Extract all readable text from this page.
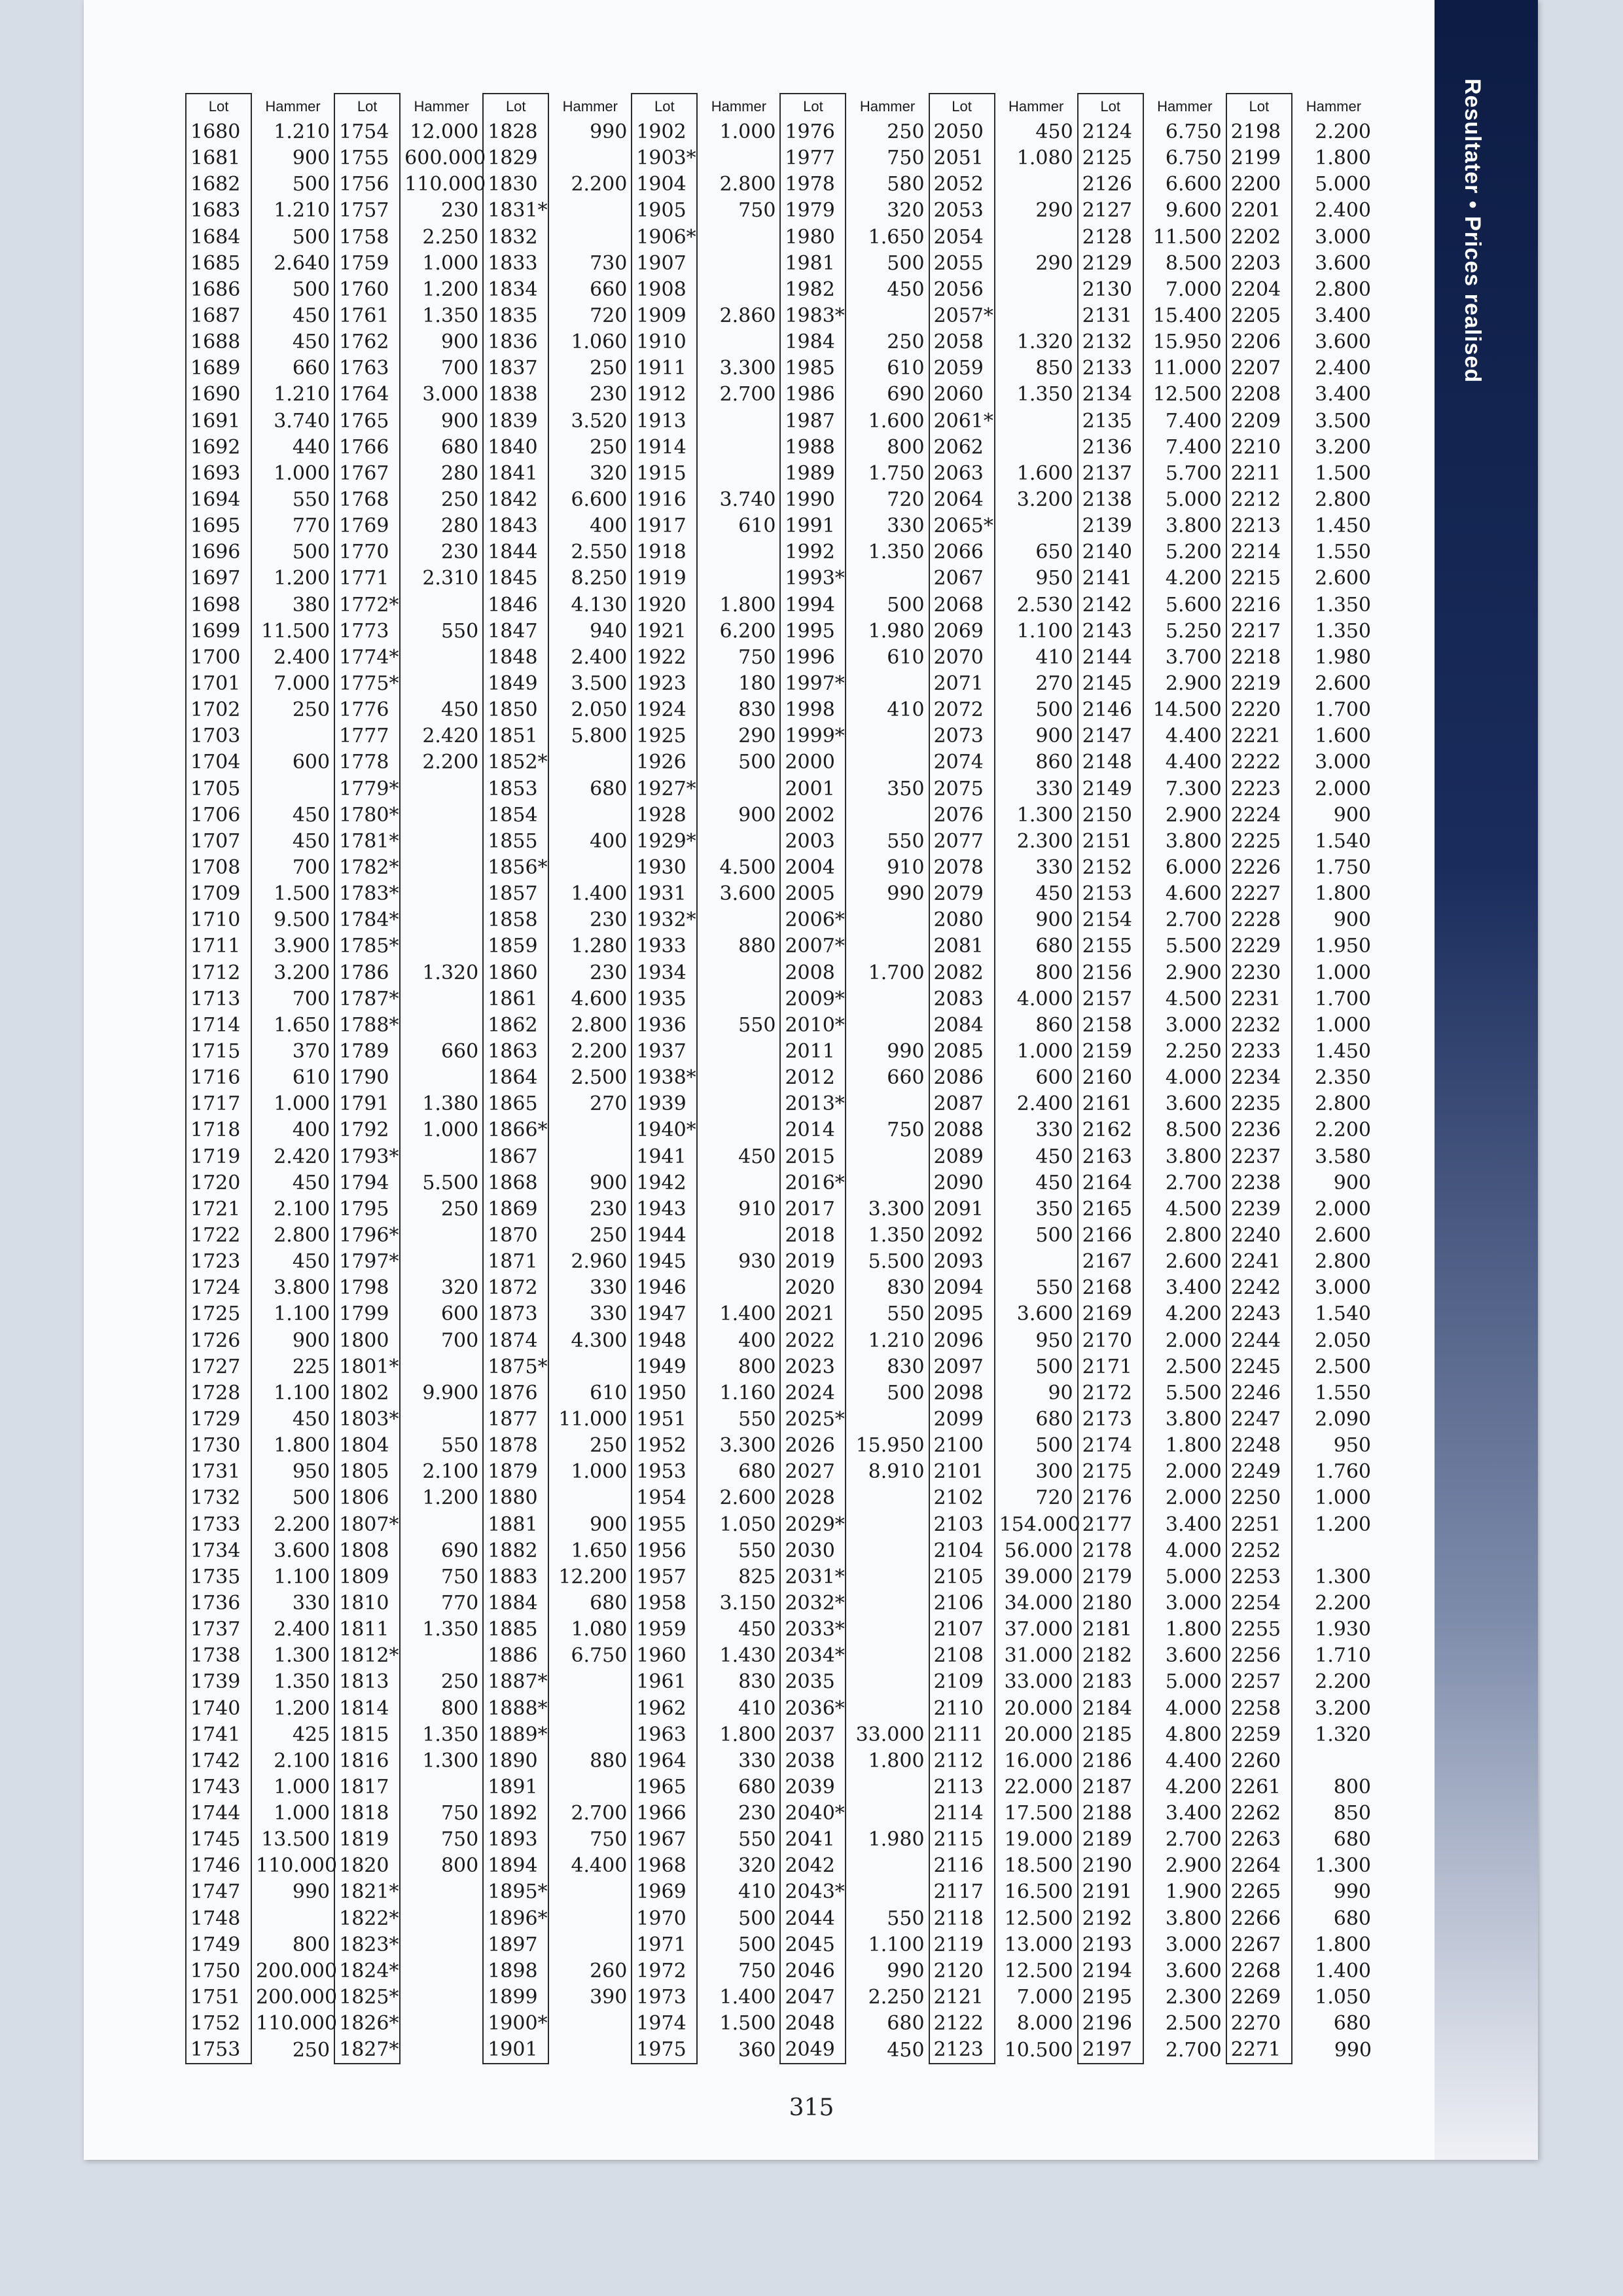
Resultater • Prices realised
Lot	Hammer	Lot	Hammer	Lot	Hammer	Lot	Hammer	Lot	Hammer	Lot	Hammer	Lot	Hammer	Lot	Hammer
1680	1.210	1754	12.000	1828	990	1902	1.000	1976	250	2050	450	2124	6.750	2198	2.200
1681	900	1755	600.000	1829		1903*		1977	750	2051	1.080	2125	6.750	2199	1.800
1682	500	1756	110.000	1830	2.200	1904	2.800	1978	580	2052		2126	6.600	2200	5.000
1683	1.210	1757	230	1831*		1905	750	1979	320	2053	290	2127	9.600	2201	2.400
1684	500	1758	2.250	1832		1906*		1980	1.650	2054		2128	11.500	2202	3.000
1685	2.640	1759	1.000	1833	730	1907		1981	500	2055	290	2129	8.500	2203	3.600
1686	500	1760	1.200	1834	660	1908		1982	450	2056		2130	7.000	2204	2.800
1687	450	1761	1.350	1835	720	1909	2.860	1983*		2057*		2131	15.400	2205	3.400
1688	450	1762	900	1836	1.060	1910		1984	250	2058	1.320	2132	15.950	2206	3.600
1689	660	1763	700	1837	250	1911	3.300	1985	610	2059	850	2133	11.000	2207	2.400
1690	1.210	1764	3.000	1838	230	1912	2.700	1986	690	2060	1.350	2134	12.500	2208	3.400
1691	3.740	1765	900	1839	3.520	1913		1987	1.600	2061*		2135	7.400	2209	3.500
1692	440	1766	680	1840	250	1914		1988	800	2062		2136	7.400	2210	3.200
1693	1.000	1767	280	1841	320	1915		1989	1.750	2063	1.600	2137	5.700	2211	1.500
1694	550	1768	250	1842	6.600	1916	3.740	1990	720	2064	3.200	2138	5.000	2212	2.800
1695	770	1769	280	1843	400	1917	610	1991	330	2065*		2139	3.800	2213	1.450
1696	500	1770	230	1844	2.550	1918		1992	1.350	2066	650	2140	5.200	2214	1.550
1697	1.200	1771	2.310	1845	8.250	1919		1993*		2067	950	2141	4.200	2215	2.600
1698	380	1772*		1846	4.130	1920	1.800	1994	500	2068	2.530	2142	5.600	2216	1.350
1699	11.500	1773	550	1847	940	1921	6.200	1995	1.980	2069	1.100	2143	5.250	2217	1.350
1700	2.400	1774*		1848	2.400	1922	750	1996	610	2070	410	2144	3.700	2218	1.980
1701	7.000	1775*		1849	3.500	1923	180	1997*		2071	270	2145	2.900	2219	2.600
1702	250	1776	450	1850	2.050	1924	830	1998	410	2072	500	2146	14.500	2220	1.700
1703		1777	2.420	1851	5.800	1925	290	1999*		2073	900	2147	4.400	2221	1.600
1704	600	1778	2.200	1852*		1926	500	2000		2074	860	2148	4.400	2222	3.000
1705		1779*		1853	680	1927*		2001	350	2075	330	2149	7.300	2223	2.000
1706	450	1780*		1854		1928	900	2002		2076	1.300	2150	2.900	2224	900
1707	450	1781*		1855	400	1929*		2003	550	2077	2.300	2151	3.800	2225	1.540
1708	700	1782*		1856*		1930	4.500	2004	910	2078	330	2152	6.000	2226	1.750
1709	1.500	1783*		1857	1.400	1931	3.600	2005	990	2079	450	2153	4.600	2227	1.800
1710	9.500	1784*		1858	230	1932*		2006*		2080	900	2154	2.700	2228	900
1711	3.900	1785*		1859	1.280	1933	880	2007*		2081	680	2155	5.500	2229	1.950
1712	3.200	1786	1.320	1860	230	1934		2008	1.700	2082	800	2156	2.900	2230	1.000
1713	700	1787*		1861	4.600	1935		2009*		2083	4.000	2157	4.500	2231	1.700
1714	1.650	1788*		1862	2.800	1936	550	2010*		2084	860	2158	3.000	2232	1.000
1715	370	1789	660	1863	2.200	1937		2011	990	2085	1.000	2159	2.250	2233	1.450
1716	610	1790		1864	2.500	1938*		2012	660	2086	600	2160	4.000	2234	2.350
1717	1.000	1791	1.380	1865	270	1939		2013*		2087	2.400	2161	3.600	2235	2.800
1718	400	1792	1.000	1866*		1940*		2014	750	2088	330	2162	8.500	2236	2.200
1719	2.420	1793*		1867		1941	450	2015		2089	450	2163	3.800	2237	3.580
1720	450	1794	5.500	1868	900	1942		2016*		2090	450	2164	2.700	2238	900
1721	2.100	1795	250	1869	230	1943	910	2017	3.300	2091	350	2165	4.500	2239	2.000
1722	2.800	1796*		1870	250	1944		2018	1.350	2092	500	2166	2.800	2240	2.600
1723	450	1797*		1871	2.960	1945	930	2019	5.500	2093		2167	2.600	2241	2.800
1724	3.800	1798	320	1872	330	1946		2020	830	2094	550	2168	3.400	2242	3.000
1725	1.100	1799	600	1873	330	1947	1.400	2021	550	2095	3.600	2169	4.200	2243	1.540
1726	900	1800	700	1874	4.300	1948	400	2022	1.210	2096	950	2170	2.000	2244	2.050
1727	225	1801*		1875*		1949	800	2023	830	2097	500	2171	2.500	2245	2.500
1728	1.100	1802	9.900	1876	610	1950	1.160	2024	500	2098	90	2172	5.500	2246	1.550
1729	450	1803*		1877	11.000	1951	550	2025*		2099	680	2173	3.800	2247	2.090
1730	1.800	1804	550	1878	250	1952	3.300	2026	15.950	2100	500	2174	1.800	2248	950
1731	950	1805	2.100	1879	1.000	1953	680	2027	8.910	2101	300	2175	2.000	2249	1.760
1732	500	1806	1.200	1880		1954	2.600	2028		2102	720	2176	2.000	2250	1.000
1733	2.200	1807*		1881	900	1955	1.050	2029*		2103	154.000	2177	3.400	2251	1.200
1734	3.600	1808	690	1882	1.650	1956	550	2030		2104	56.000	2178	4.000	2252	
1735	1.100	1809	750	1883	12.200	1957	825	2031*		2105	39.000	2179	5.000	2253	1.300
1736	330	1810	770	1884	680	1958	3.150	2032*		2106	34.000	2180	3.000	2254	2.200
1737	2.400	1811	1.350	1885	1.080	1959	450	2033*		2107	37.000	2181	1.800	2255	1.930
1738	1.300	1812*		1886	6.750	1960	1.430	2034*		2108	31.000	2182	3.600	2256	1.710
1739	1.350	1813	250	1887*		1961	830	2035		2109	33.000	2183	5.000	2257	2.200
1740	1.200	1814	800	1888*		1962	410	2036*		2110	20.000	2184	4.000	2258	3.200
1741	425	1815	1.350	1889*		1963	1.800	2037	33.000	2111	20.000	2185	4.800	2259	1.320
1742	2.100	1816	1.300	1890	880	1964	330	2038	1.800	2112	16.000	2186	4.400	2260	
1743	1.000	1817		1891		1965	680	2039		2113	22.000	2187	4.200	2261	800
1744	1.000	1818	750	1892	2.700	1966	230	2040*		2114	17.500	2188	3.400	2262	850
1745	13.500	1819	750	1893	750	1967	550	2041	1.980	2115	19.000	2189	2.700	2263	680
1746	110.000	1820	800	1894	4.400	1968	320	2042		2116	18.500	2190	2.900	2264	1.300
1747	990	1821*		1895*		1969	410	2043*		2117	16.500	2191	1.900	2265	990
1748		1822*		1896*		1970	500	2044	550	2118	12.500	2192	3.800	2266	680
1749	800	1823*		1897		1971	500	2045	1.100	2119	13.000	2193	3.000	2267	1.800
1750	200.000	1824*		1898	260	1972	750	2046	990	2120	12.500	2194	3.600	2268	1.400
1751	200.000	1825*		1899	390	1973	1.400	2047	2.250	2121	7.000	2195	2.300	2269	1.050
1752	110.000	1826*		1900*		1974	1.500	2048	680	2122	8.000	2196	2.500	2270	680
1753	250	1827*		1901		1975	360	2049	450	2123	10.500	2197	2.700	2271	990
315
